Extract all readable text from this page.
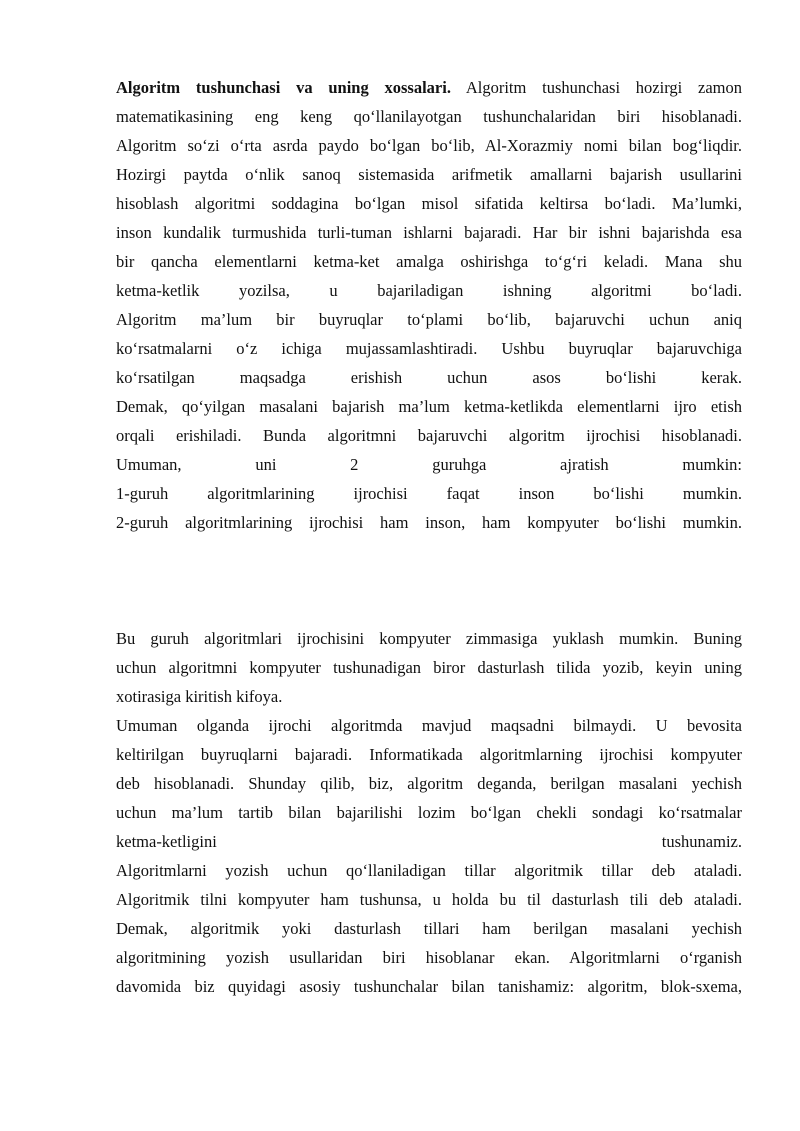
Algoritm tushunchasi va uning xossalari. Algoritm tushunchasi hozirgi zamon
matematikasining eng keng qo‘llanilayotgan tushunchalaridan biri hisoblanadi.
Algoritm so‘zi o‘rta asrda paydo bo‘lgan bo‘lib, Al-Xorazmiy nomi bilan bog‘liqdir.
Hozirgi paytda o‘nlik sanoq sistemasida arifmetik amallarni bajarish usullarini
hisoblash algoritmi soddagina bo‘lgan misol sifatida keltirsa bo‘ladi. Ma’lumki,
inson kundalik turmushida turli-tuman ishlarni bajaradi. Har bir ishni bajarishda esa
bir qancha elementlarni ketma-ket amalga oshirishga to‘g‘ri keladi. Mana shu
ketma-ketlik yozilsa, u bajariladigan ishning algoritmi bo‘ladi.
Algoritm ma’lum bir buyruqlar to‘plami bo‘lib, bajaruvchi uchun aniq
ko‘rsatmalarni o‘z ichiga mujassamlashtiradi. Ushbu buyruqlar bajaruvchiga
ko‘rsatilgan maqsadga erishish uchun asos bo‘lishi kerak.
Demak, qo‘yilgan masalani bajarish ma’lum ketma-ketlikda elementlarni ijro etish
orqali erishiladi. Bunda algoritmni bajaruvchi algoritm ijrochisi hisoblanadi.
Umuman, uni 2 guruhga ajratish mumkin:
1-guruh algoritmlarining ijrochisi faqat inson bo‘lishi mumkin.
2-guruh algoritmlarining ijrochisi ham inson, ham kompyuter bo‘lishi mumkin.
Bu guruh algoritmlari ijrochisini kompyuter zimmasiga yuklash mumkin. Buning
uchun algoritmni kompyuter tushunadigan biror dasturlash tilida yozib, keyin uning
xotirasiga kiritish kifoya.
Umuman olganda ijrochi algoritmda mavjud maqsadni bilmaydi. U bevosita
keltirilgan buyruqlarni bajaradi. Informatikada algoritmlarning ijrochisi kompyuter
deb hisoblanadi. Shunday qilib, biz, algoritm deganda, berilgan masalani yechish
uchun ma’lum tartib bilan bajarilishi lozim bo‘lgan chekli sondagi ko‘rsatmalar
ketma-ketligini tushunamiz.
Algoritmlarni yozish uchun qo‘llaniladigan tillar algoritmik tillar deb ataladi.
Algoritmik tilni kompyuter ham tushunsa, u holda bu til dasturlash tili deb ataladi.
Demak, algoritmik yoki dasturlash tillari ham berilgan masalani yechish
algoritmining yozish usullaridan biri hisoblanar ekan. Algoritmlarni o‘rganish
davomida biz quyidagi asosiy tushunchalar bilan tanishamiz: algoritm, blok-sxema,
